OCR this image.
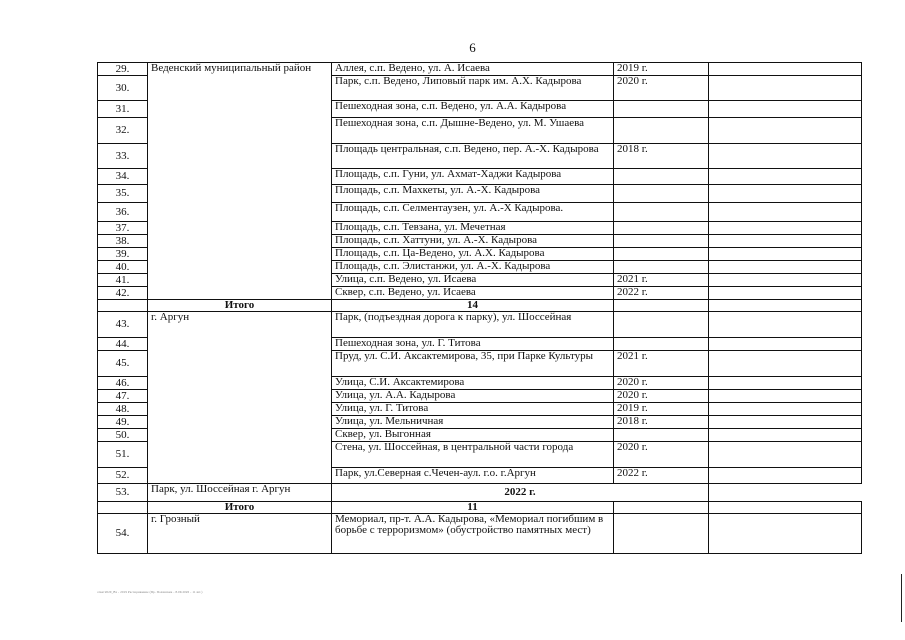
6
29.	Веденский муниципальный район	Аллея, с.п. Ведено, ул. А. Исаева	2019 г.	
30.		Парк, с.п. Ведено, Липовый парк им. А.Х. Кадырова	2020 г.	
31.		Пешеходная зона, с.п. Ведено, ул. А.А. Кадырова		
32.		Пешеходная зона, с.п. Дышне-Ведено, ул. М. Ушаева		
33.		Площадь центральная, с.п. Ведено, пер. А.-Х. Кадырова	2018 г.	
34.		Площадь, с.п. Гуни, ул. Ахмат-Хаджи Кадырова		
35.		Площадь, с.п. Махкеты, ул. А.-Х. Кадырова		
36.		Площадь, с.п. Селментаузен, ул. А.-Х Кадырова.		
37.		Площадь, с.п. Тевзана, ул. Мечетная		
38.		Площадь, с.п. Хаттуни, ул. А.-Х. Кадырова		
39.		Площадь, с.п. Ца-Ведено, ул. А.Х. Кадырова		
40.		Площадь, с.п. Элистанжи, ул. А.-Х. Кадырова		
41.		Улица, с.п. Ведено, ул. Исаева	2021 г.	
42.		Сквер, с.п. Ведено, ул. Исаева	2022 г.	
	Итого	14		
43.	г. Аргун	Парк, (подъездная дорога к парку), ул. Шоссейная		
44.		Пешеходная зона, ул. Г. Титова		
45.		Пруд, ул. С.И. Аксактемирова, 35, при Парке Культуры	2021 г.	
46.		Улица, С.И. Аксактемирова	2020 г.	
47.		Улица, ул. А.А. Кадырова	2020 г.	
48.		Улица, ул. Г. Титова	2019 г.	
49.		Улица, ул. Мельничная	2018 г.	
50.		Сквер, ул. Выгонная		
51.		Стена, ул. Шоссейная, в центральной части города	2020 г.	
52.		Парк, ул.Северная с.Чечен-аул. г.о. г.Аргун	2022 г.	
53.	Парк, ул. Шоссейная г. Аргун	2022 г.		
	Итого	11		
54.	г. Грозный	Мемориал, пр-т. А.А. Кадырова, «Мемориал погибшим в борьбе с терроризмом» (обустройство памятных мест)		
ответ2020_Вх - 2019 Распоряжение (Пр. Полянские - 8.09.2020 - 11 шт.)
